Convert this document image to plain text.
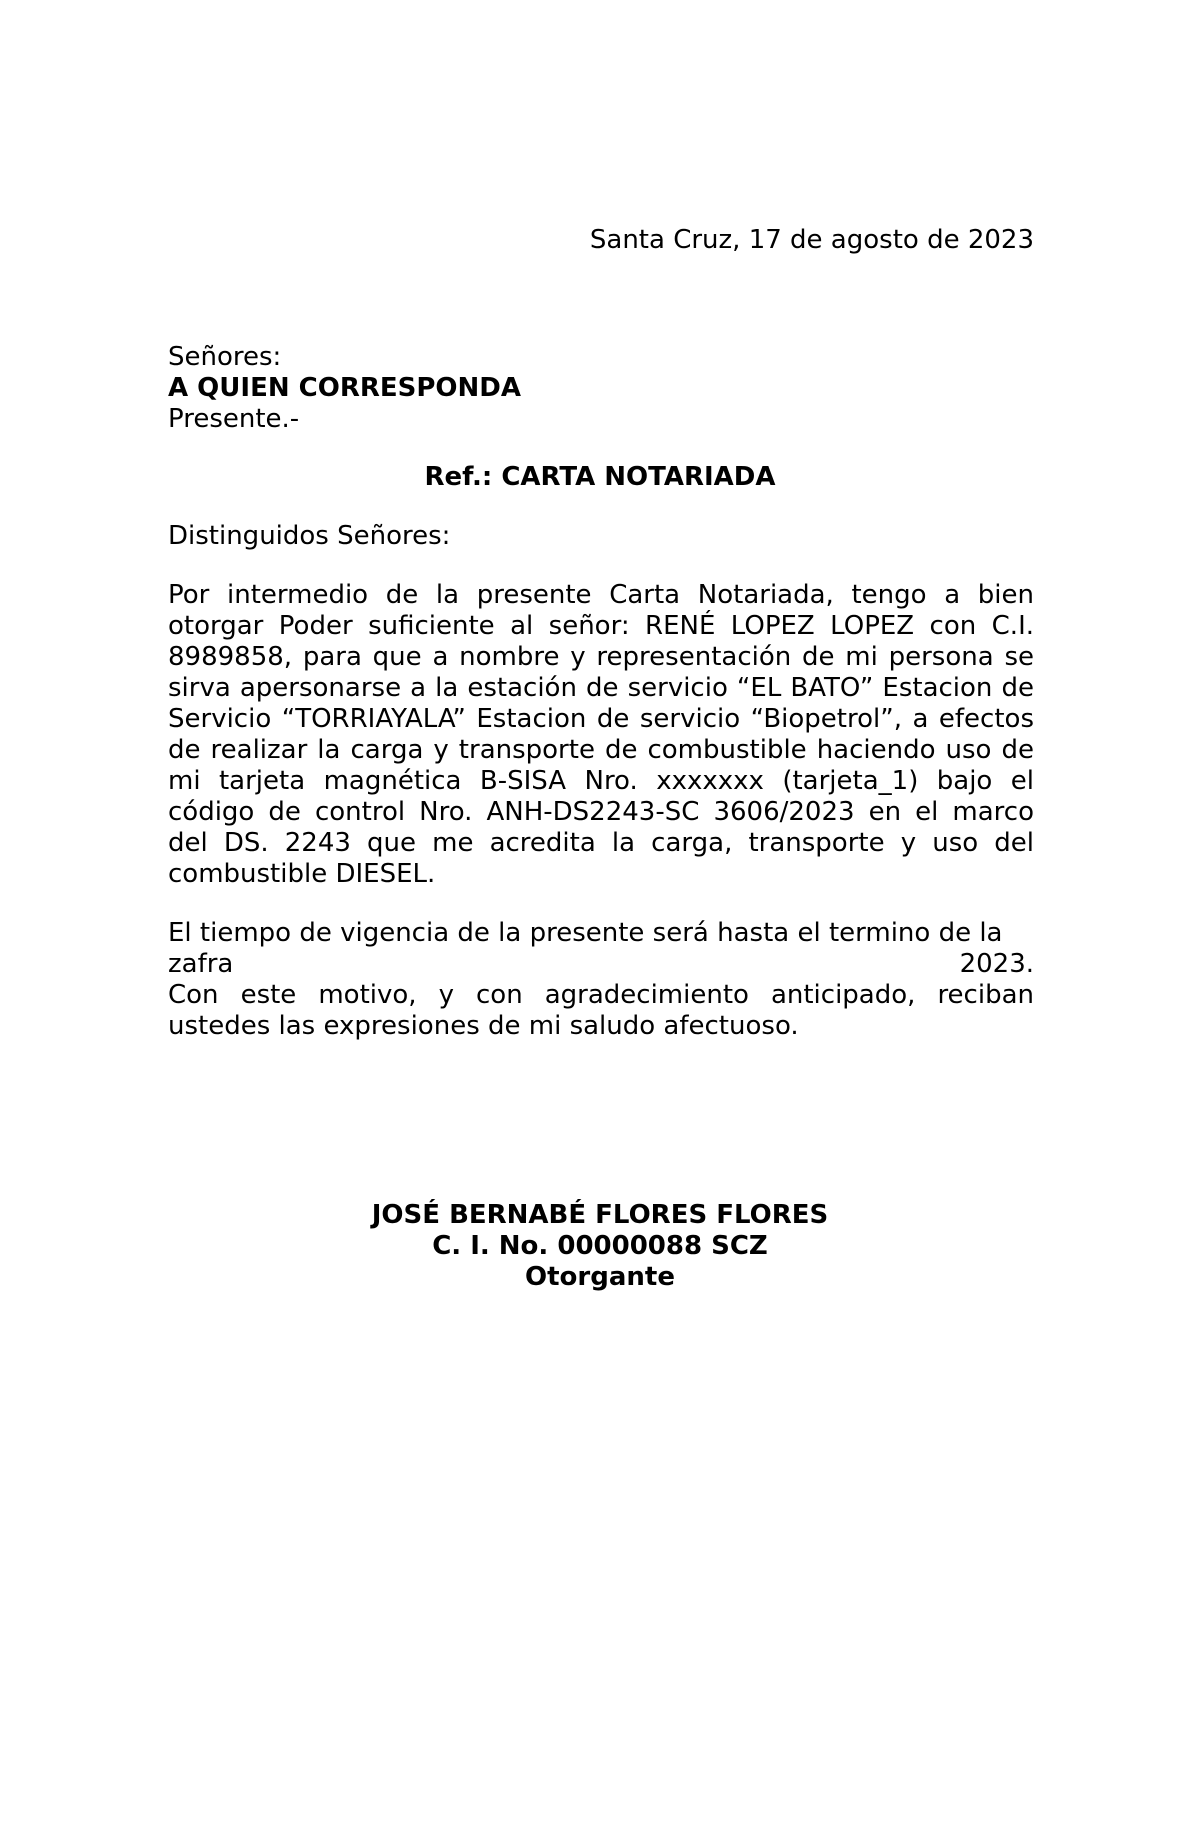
Santa Cruz, 17 de agosto de 2023
Señores:
A QUIEN CORRESPONDA
Presente.-
Ref.: CARTA NOTARIADA
Distinguidos Señores:

Por intermedio de la presente Carta Notariada, tengo a bien otorgar Poder suficiente al señor: RENÉ LOPEZ LOPEZ con C.I. 8989858, para que a nombre y representación de mi persona se sirva apersonarse a la estación de servicio “EL BATO” Estacion de Servicio “TORRIAYALA” Estacion de servicio “Biopetrol”, a efectos de realizar la carga y transporte de combustible haciendo uso de mi tarjeta magnética B-SISA Nro. xxxxxxx (tarjeta_1) bajo el código de control Nro. ANH-DS2243-SC 3606/2023 en el marco del DS. 2243 que me acredita la carga, transporte y uso del combustible DIESEL.

El tiempo de vigencia de la presente será hasta el termino de la
zafra	2023.

Con este motivo, y con agradecimiento anticipado, reciban ustedes las expresiones de mi saludo afectuoso.

JOSÉ BERNABÉ FLORES FLORES
C. I. No. 00000088 SCZ
Otorgante
